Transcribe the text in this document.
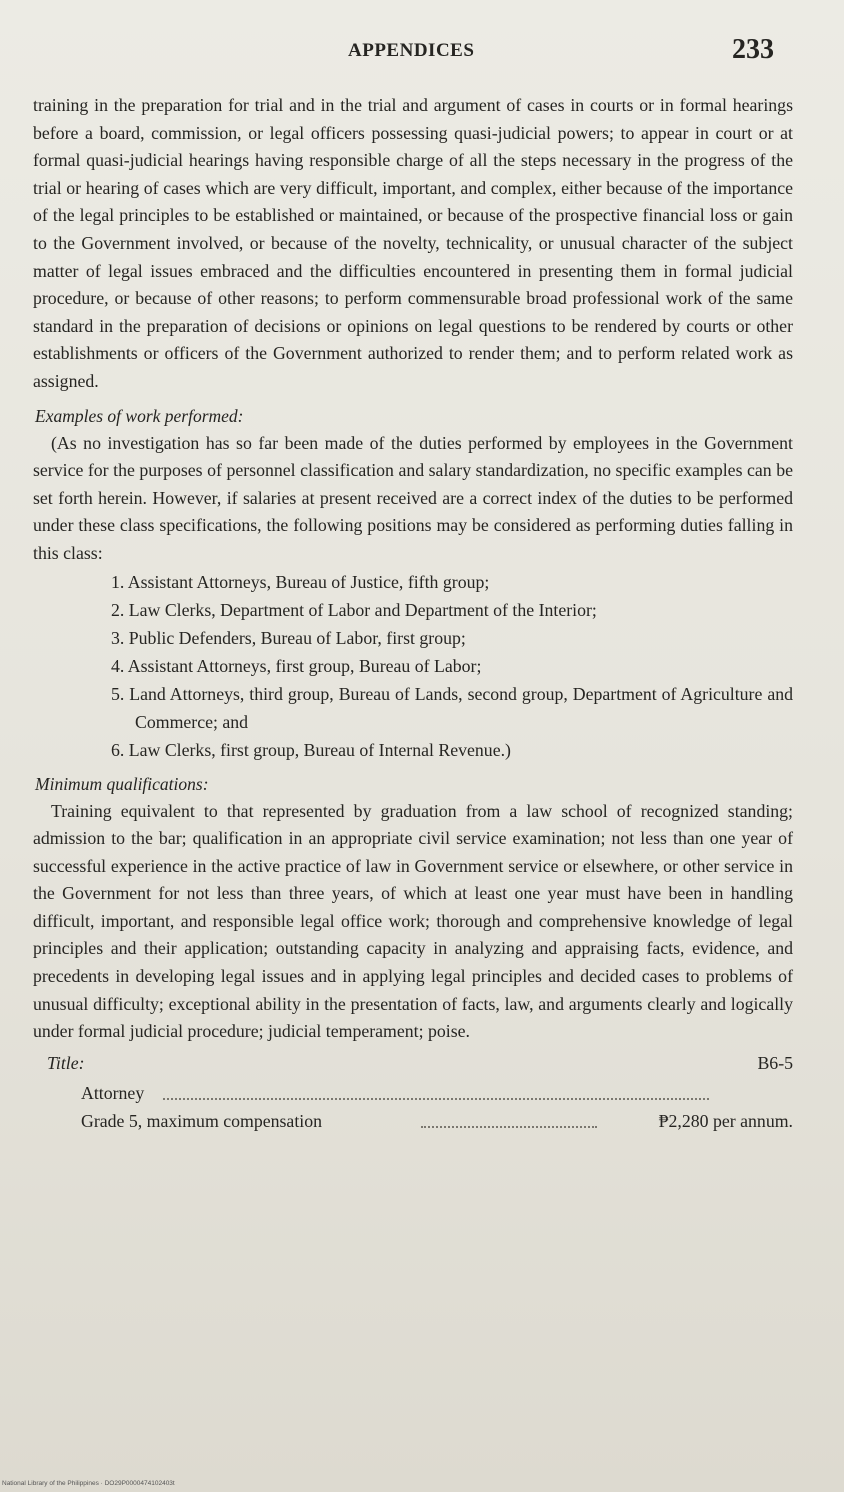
APPENDICES	233

training in the preparation for trial and in the trial and argument of cases in courts or in formal hearings before a board, commission, or legal officers possessing quasi-judicial powers; to appear in court or at formal quasi-judicial hearings having responsible charge of all the steps necessary in the progress of the trial or hearing of cases which are very difficult, important, and complex, either because of the importance of the legal principles to be established or maintained, or because of the prospective financial loss or gain to the Government involved, or because of the novelty, technicality, or unusual character of the subject matter of legal issues embraced and the difficulties encountered in presenting them in formal judicial procedure, or because of other reasons; to perform commensurable broad professional work of the same standard in the preparation of decisions or opinions on legal questions to be rendered by courts or other establishments or officers of the Government authorized to render them; and to perform related work as assigned.

Examples of work performed:

(As no investigation has so far been made of the duties performed by employees in the Government service for the purposes of personnel classification and salary standardization, no specific examples can be set forth herein. However, if salaries at present received are a correct index of the duties to be performed under these class specifications, the following positions may be considered as performing duties falling in this class:

1. Assistant Attorneys, Bureau of Justice, fifth group;
2. Law Clerks, Department of Labor and Department of the Interior;
3. Public Defenders, Bureau of Labor, first group;
4. Assistant Attorneys, first group, Bureau of Labor;
5. Land Attorneys, third group, Bureau of Lands, second group, Department of Agriculture and Commerce; and
6. Law Clerks, first group, Bureau of Internal Revenue.)

Minimum qualifications:

Training equivalent to that represented by graduation from a law school of recognized standing; admission to the bar; qualification in an appropriate civil service examination; not less than one year of successful experience in the active practice of law in Government service or elsewhere, or other service in the Government for not less than three years, of which at least one year must have been in handling difficult, important, and responsible legal office work; thorough and comprehensive knowledge of legal principles and their application; outstanding capacity in analyzing and appraising facts, evidence, and precedents in developing legal issues and in applying legal principles and decided cases to problems of unusual difficulty; exceptional ability in the presentation of facts, law, and arguments clearly and logically under formal judicial procedure; judicial temperament; poise.

Title:	B6-5
Attorney
Grade 5, maximum compensation	₱2,280 per annum.
National Library of the Philippines · DO29P0000474102403t
